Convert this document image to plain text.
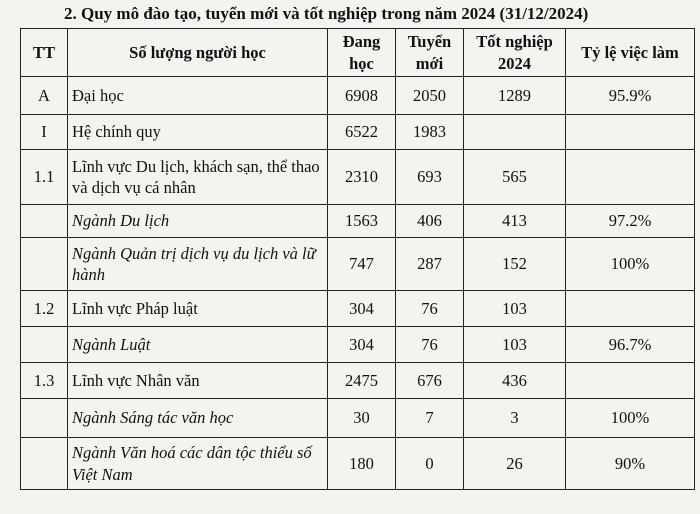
2. Quy mô đào tạo, tuyển mới và tốt nghiệp trong năm 2024 (31/12/2024)
TT	Số lượng người học	Đang học	Tuyển mới	Tốt nghiệp 2024	Tỷ lệ việc làm
A	Đại học	6908	2050	1289	95.9%
I	Hệ chính quy	6522	1983		
1.1	Lĩnh vực Du lịch, khách sạn, thể thao và dịch vụ cá nhân	2310	693	565	
	Ngành Du lịch	1563	406	413	97.2%
	Ngành Quản trị dịch vụ du lịch và lữ hành	747	287	152	100%
1.2	Lĩnh vực Pháp luật	304	76	103	
	Ngành Luật	304	76	103	96.7%
1.3	Lĩnh vực Nhân văn	2475	676	436	
	Ngành Sáng tác văn học	30	7	3	100%
	Ngành Văn hoá các dân tộc thiểu số Việt Nam	180	0	26	90%
